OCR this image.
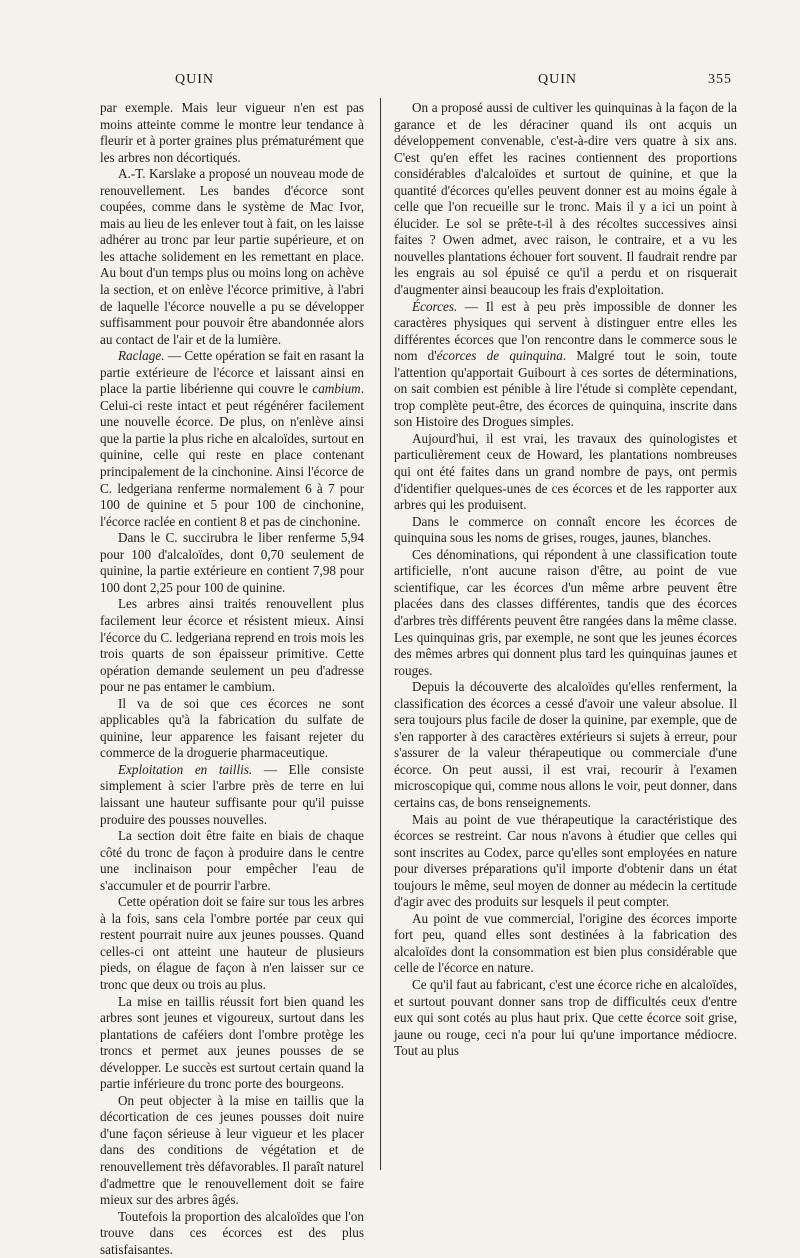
QUIN	QUIN	355

par exemple. Mais leur vigueur n'en est pas moins atteinte comme le montre leur tendance à fleurir et à porter graines plus prématurément que les arbres non décortiqués.

A.-T. Karslake a proposé un nouveau mode de renouvellement. Les bandes d'écorce sont coupées, comme dans le système de Mac Ivor, mais au lieu de les enlever tout à fait, on les laisse adhérer au tronc par leur partie supérieure, et on les attache solidement en les remettant en place. Au bout d'un temps plus ou moins long on achève la section, et on enlève l'écorce primitive, à l'abri de laquelle l'écorce nouvelle a pu se développer suffisamment pour pouvoir être abandonnée alors au contact de l'air et de la lumière.

Raclage. — Cette opération se fait en rasant la partie extérieure de l'écorce et laissant ainsi en place la partie libérienne qui couvre le cambium. Celui-ci reste intact et peut régénérer facilement une nouvelle écorce. De plus, on n'enlève ainsi que la partie la plus riche en alcaloïdes, surtout en quinine, celle qui reste en place contenant principalement de la cinchonine. Ainsi l'écorce de C. ledgeriana renferme normalement 6 à 7 pour 100 de quinine et 5 pour 100 de cinchonine, l'écorce raclée en contient 8 et pas de cinchonine.

Dans le C. succirubra le liber renferme 5,94 pour 100 d'alcaloïdes, dont 0,70 seulement de quinine, la partie extérieure en contient 7,98 pour 100 dont 2,25 pour 100 de quinine.

Les arbres ainsi traités renouvellent plus facilement leur écorce et résistent mieux. Ainsi l'écorce du C. ledgeriana reprend en trois mois les trois quarts de son épaisseur primitive. Cette opération demande seulement un peu d'adresse pour ne pas entamer le cambium.

Il va de soi que ces écorces ne sont applicables qu'à la fabrication du sulfate de quinine, leur apparence les faisant rejeter du commerce de la droguerie pharmaceutique.

Exploitation en taillis. — Elle consiste simplement à scier l'arbre près de terre en lui laissant une hauteur suffisante pour qu'il puisse produire des pousses nouvelles.

La section doit être faite en biais de chaque côté du tronc de façon à produire dans le centre une inclinaison pour empêcher l'eau de s'accumuler et de pourrir l'arbre.

Cette opération doit se faire sur tous les arbres à la fois, sans cela l'ombre portée par ceux qui restent pourrait nuire aux jeunes pousses. Quand celles-ci ont atteint une hauteur de plusieurs pieds, on élague de façon à n'en laisser sur ce tronc que deux ou trois au plus.

La mise en taillis réussit fort bien quand les arbres sont jeunes et vigoureux, surtout dans les plantations de caféiers dont l'ombre protège les troncs et permet aux jeunes pousses de se développer. Le succès est surtout certain quand la partie inférieure du tronc porte des bourgeons.

On peut objecter à la mise en taillis que la décortication de ces jeunes pousses doit nuire d'une façon sérieuse à leur vigueur et les placer dans des conditions de végétation et de renouvellement très défavorables. Il paraît naturel d'admettre que le renouvellement doit se faire mieux sur des arbres âgés.

Toutefois la proportion des alcaloïdes que l'on trouve dans ces écorces est des plus satisfaisantes.

On a proposé aussi de cultiver les quinquinas à la façon de la garance et de les déraciner quand ils ont acquis un développement convenable, c'est-à-dire vers quatre à six ans. C'est qu'en effet les racines contiennent des proportions considérables d'alcaloïdes et surtout de quinine, et que la quantité d'écorces qu'elles peuvent donner est au moins égale à celle que l'on recueille sur le tronc. Mais il y a ici un point à élucider. Le sol se prête-t-il à des récoltes successives ainsi faites ? Owen admet, avec raison, le contraire, et a vu les nouvelles plantations échouer fort souvent. Il faudrait rendre par les engrais au sol épuisé ce qu'il a perdu et on risquerait d'augmenter ainsi beaucoup les frais d'exploitation.

Écorces. — Il est à peu près impossible de donner les caractères physiques qui servent à distinguer entre elles les différentes écorces que l'on rencontre dans le commerce sous le nom d'écorces de quinquina. Malgré tout le soin, toute l'attention qu'apportait Guibourt à ces sortes de déterminations, on sait combien est pénible à lire l'étude si complète cependant, trop complète peut-être, des écorces de quinquina, inscrite dans son Histoire des Drogues simples.

Aujourd'hui, il est vrai, les travaux des quinologistes et particulièrement ceux de Howard, les plantations nombreuses qui ont été faites dans un grand nombre de pays, ont permis d'identifier quelques-unes de ces écorces et de les rapporter aux arbres qui les produisent.

Dans le commerce on connaît encore les écorces de quinquina sous les noms de grises, rouges, jaunes, blanches.

Ces dénominations, qui répondent à une classification toute artificielle, n'ont aucune raison d'être, au point de vue scientifique, car les écorces d'un même arbre peuvent être placées dans des classes différentes, tandis que des écorces d'arbres très différents peuvent être rangées dans la même classe. Les quinquinas gris, par exemple, ne sont que les jeunes écorces des mêmes arbres qui donnent plus tard les quinquinas jaunes et rouges.

Depuis la découverte des alcaloïdes qu'elles renferment, la classification des écorces a cessé d'avoir une valeur absolue. Il sera toujours plus facile de doser la quinine, par exemple, que de s'en rapporter à des caractères extérieurs si sujets à erreur, pour s'assurer de la valeur thérapeutique ou commerciale d'une écorce. On peut aussi, il est vrai, recourir à l'examen microscopique qui, comme nous allons le voir, peut donner, dans certains cas, de bons renseignements.

Mais au point de vue thérapeutique la caractéristique des écorces se restreint. Car nous n'avons à étudier que celles qui sont inscrites au Codex, parce qu'elles sont employées en nature pour diverses préparations qu'il importe d'obtenir dans un état toujours le même, seul moyen de donner au médecin la certitude d'agir avec des produits sur lesquels il peut compter.

Au point de vue commercial, l'origine des écorces importe fort peu, quand elles sont destinées à la fabrication des alcaloïdes dont la consommation est bien plus considérable que celle de l'écorce en nature.

Ce qu'il faut au fabricant, c'est une écorce riche en alcaloïdes, et surtout pouvant donner sans trop de difficultés ceux d'entre eux qui sont cotés au plus haut prix. Que cette écorce soit grise, jaune ou rouge, ceci n'a pour lui qu'une importance médiocre. Tout au plus
